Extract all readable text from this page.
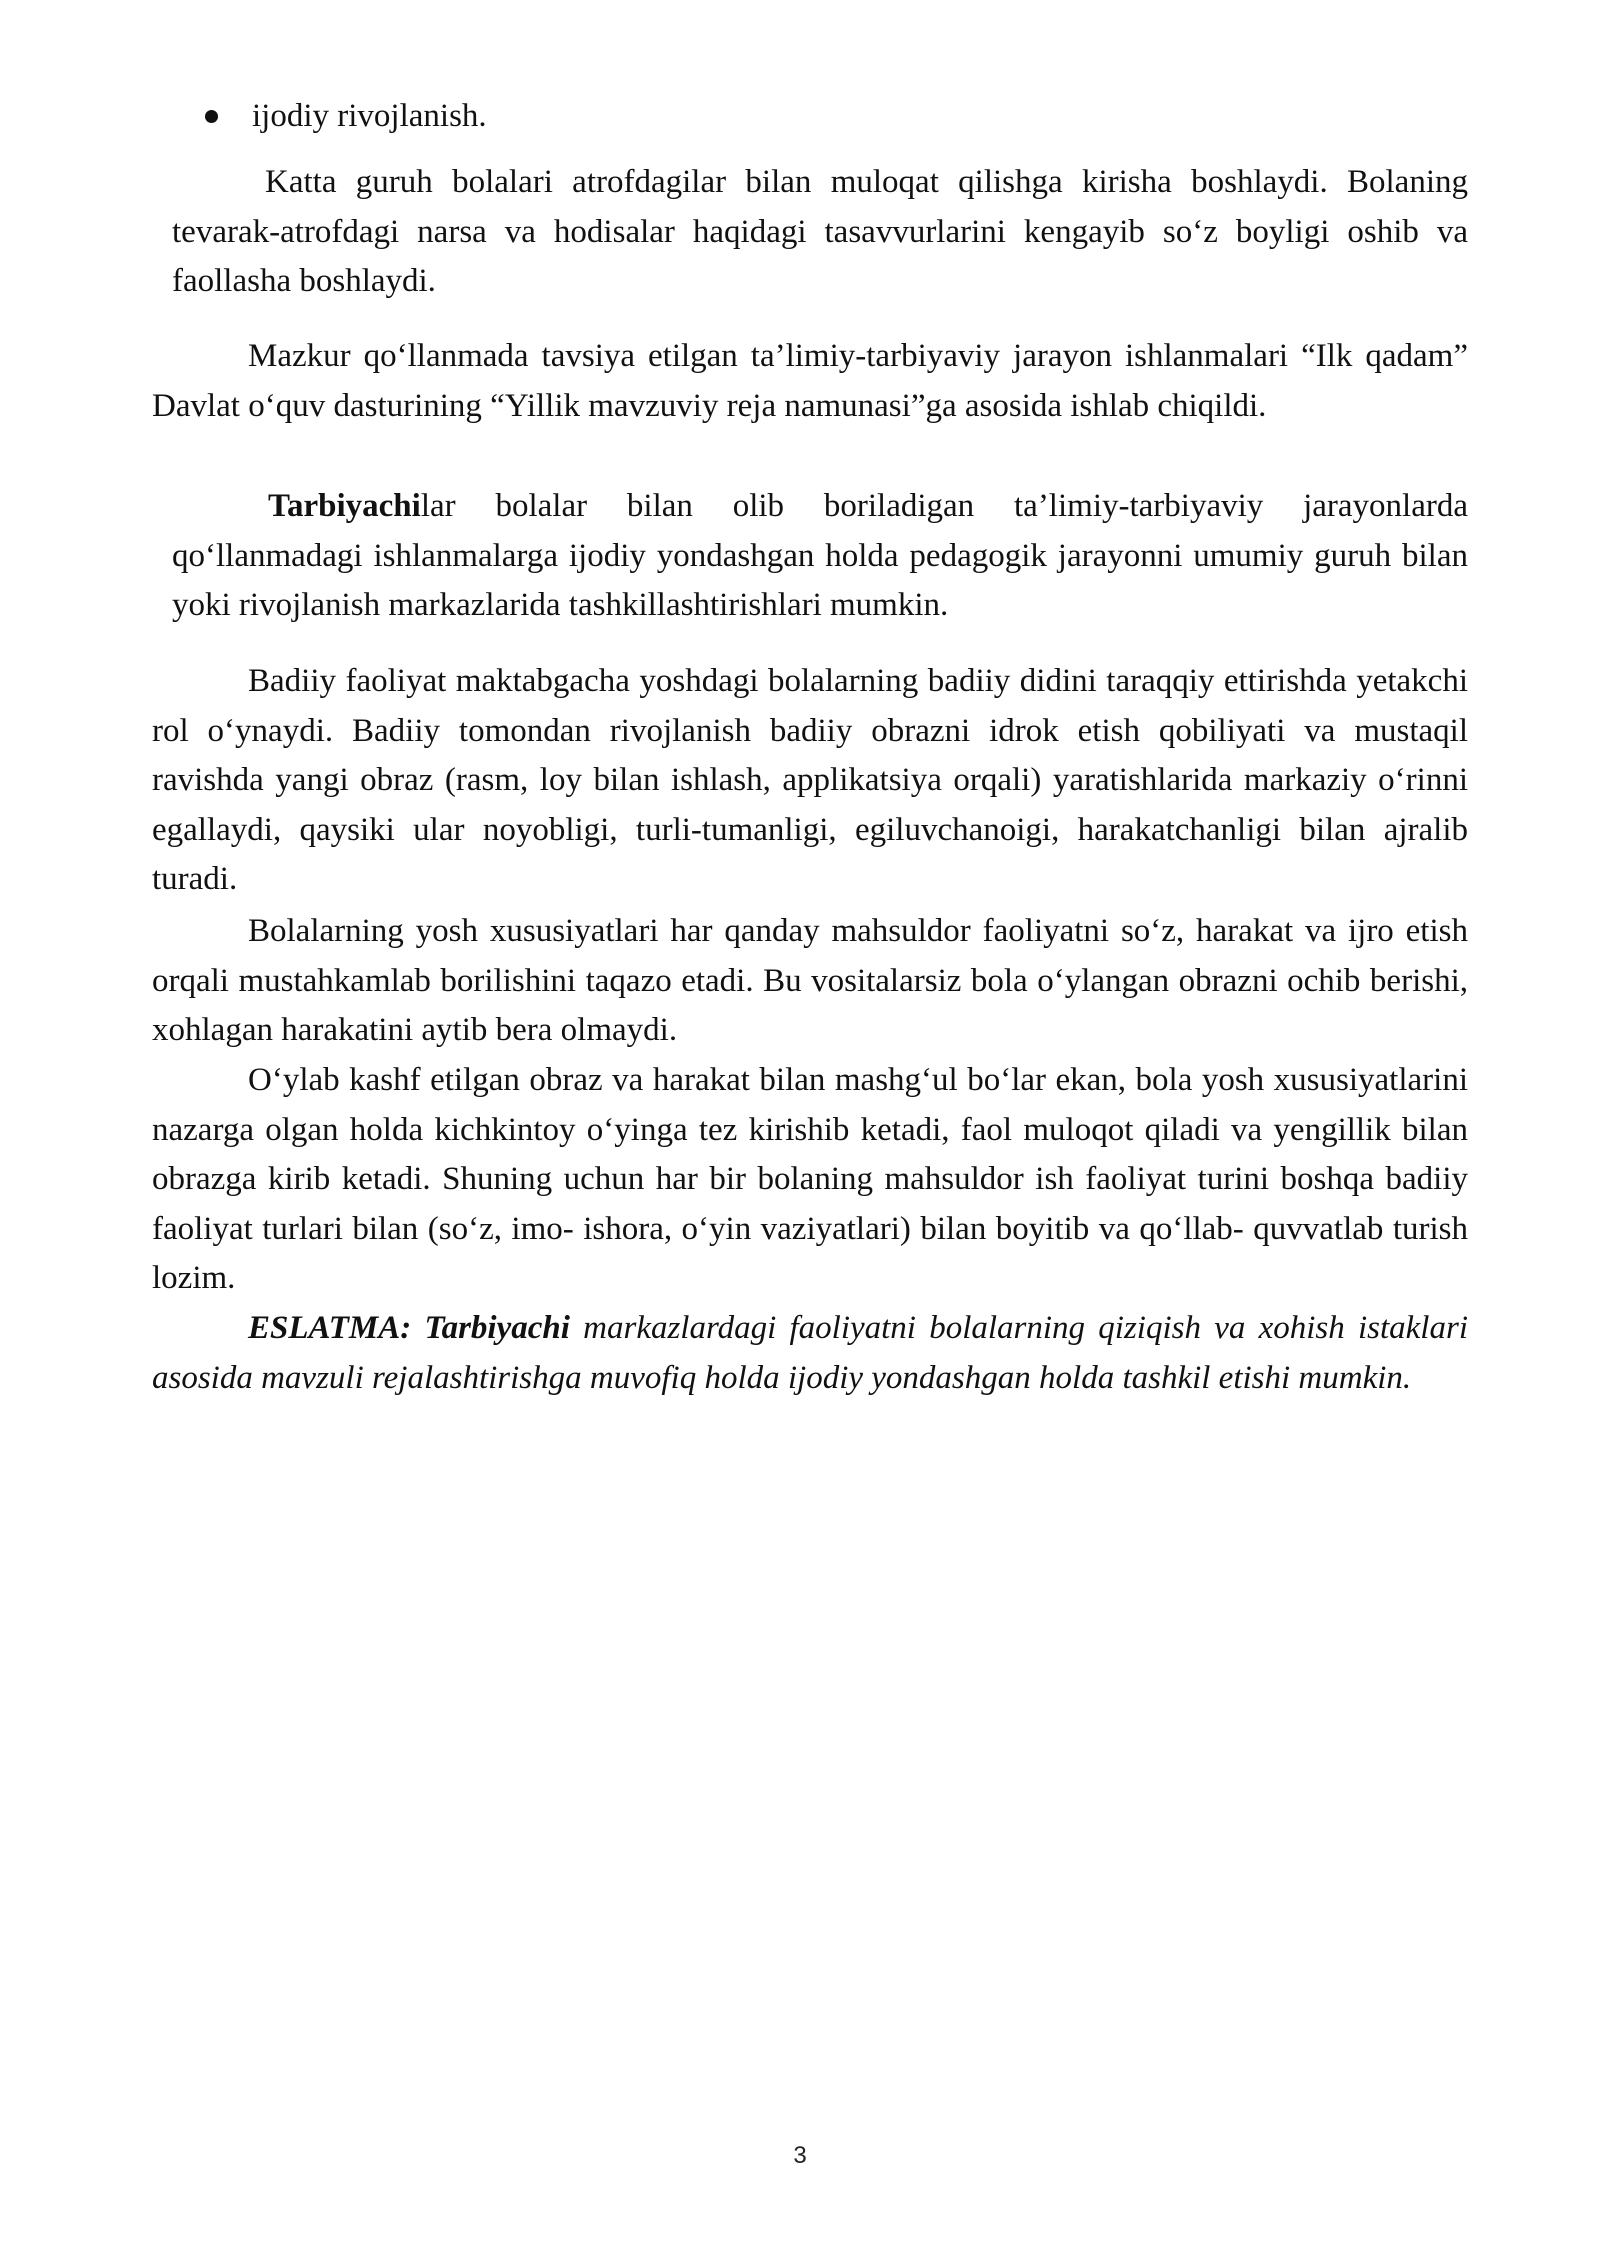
ijodiy rivojlanish.

Katta guruh bolalari atrofdagilar bilan muloqat qilishga kirisha boshlaydi. Bolaning tevarak-atrofdagi narsa va hodisalar haqidagi tasavvurlarini kengayib so‘z boyligi oshib va faollasha boshlaydi.

Mazkur qo‘llanmada tavsiya etilgan ta’limiy-tarbiyaviy jarayon ishlanmalari “Ilk qadam” Davlat o‘quv dasturining “Yillik mavzuviy reja namunasi”ga asosida ishlab chiqildi.

Tarbiyachilar bolalar bilan olib boriladigan ta’limiy-tarbiyaviy jarayonlarda qo‘llanmadagi ishlanmalarga ijodiy yondashgan holda pedagogik jarayonni umumiy guruh bilan yoki rivojlanish markazlarida tashkillashtirishlari mumkin.

Badiiy faoliyat maktabgacha yoshdagi bolalarning badiiy didini taraqqiy ettirishda yetakchi rol o‘ynaydi. Badiiy tomondan rivojlanish badiiy obrazni idrok etish qobiliyati va mustaqil ravishda yangi obraz (rasm, loy bilan ishlash, applikatsiya orqali) yaratishlarida markaziy o‘rinni egallaydi, qaysiki ular noyobligi, turli-tumanligi, egiluvchanoigi, harakatchanligi bilan ajralib turadi.

Bolalarning yosh xususiyatlari har qanday mahsuldor faoliyatni so‘z, harakat va ijro etish orqali mustahkamlab borilishini taqazo etadi. Bu vositalarsiz bola o‘ylangan obrazni ochib berishi, xohlagan harakatini aytib bera olmaydi.

O‘ylab kashf etilgan obraz va harakat bilan mashg‘ul bo‘lar ekan, bola yosh xususiyatlarini nazarga olgan holda kichkintoy o‘yinga tez kirishib ketadi, faol muloqot qiladi va yengillik bilan obrazga kirib ketadi. Shuning uchun har bir bolaning mahsuldor ish faoliyat turini boshqa badiiy faoliyat turlari bilan (so‘z, imo- ishora, o‘yin vaziyatlari) bilan boyitib va qo‘llab- quvvatlab turish lozim.

ESLATMA: Tarbiyachi markazlardagi faoliyatni bolalarning qiziqish va xohish istaklari asosida mavzuli rejalashtirishga muvofiq holda ijodiy yondashgan holda tashkil etishi mumkin.

3
